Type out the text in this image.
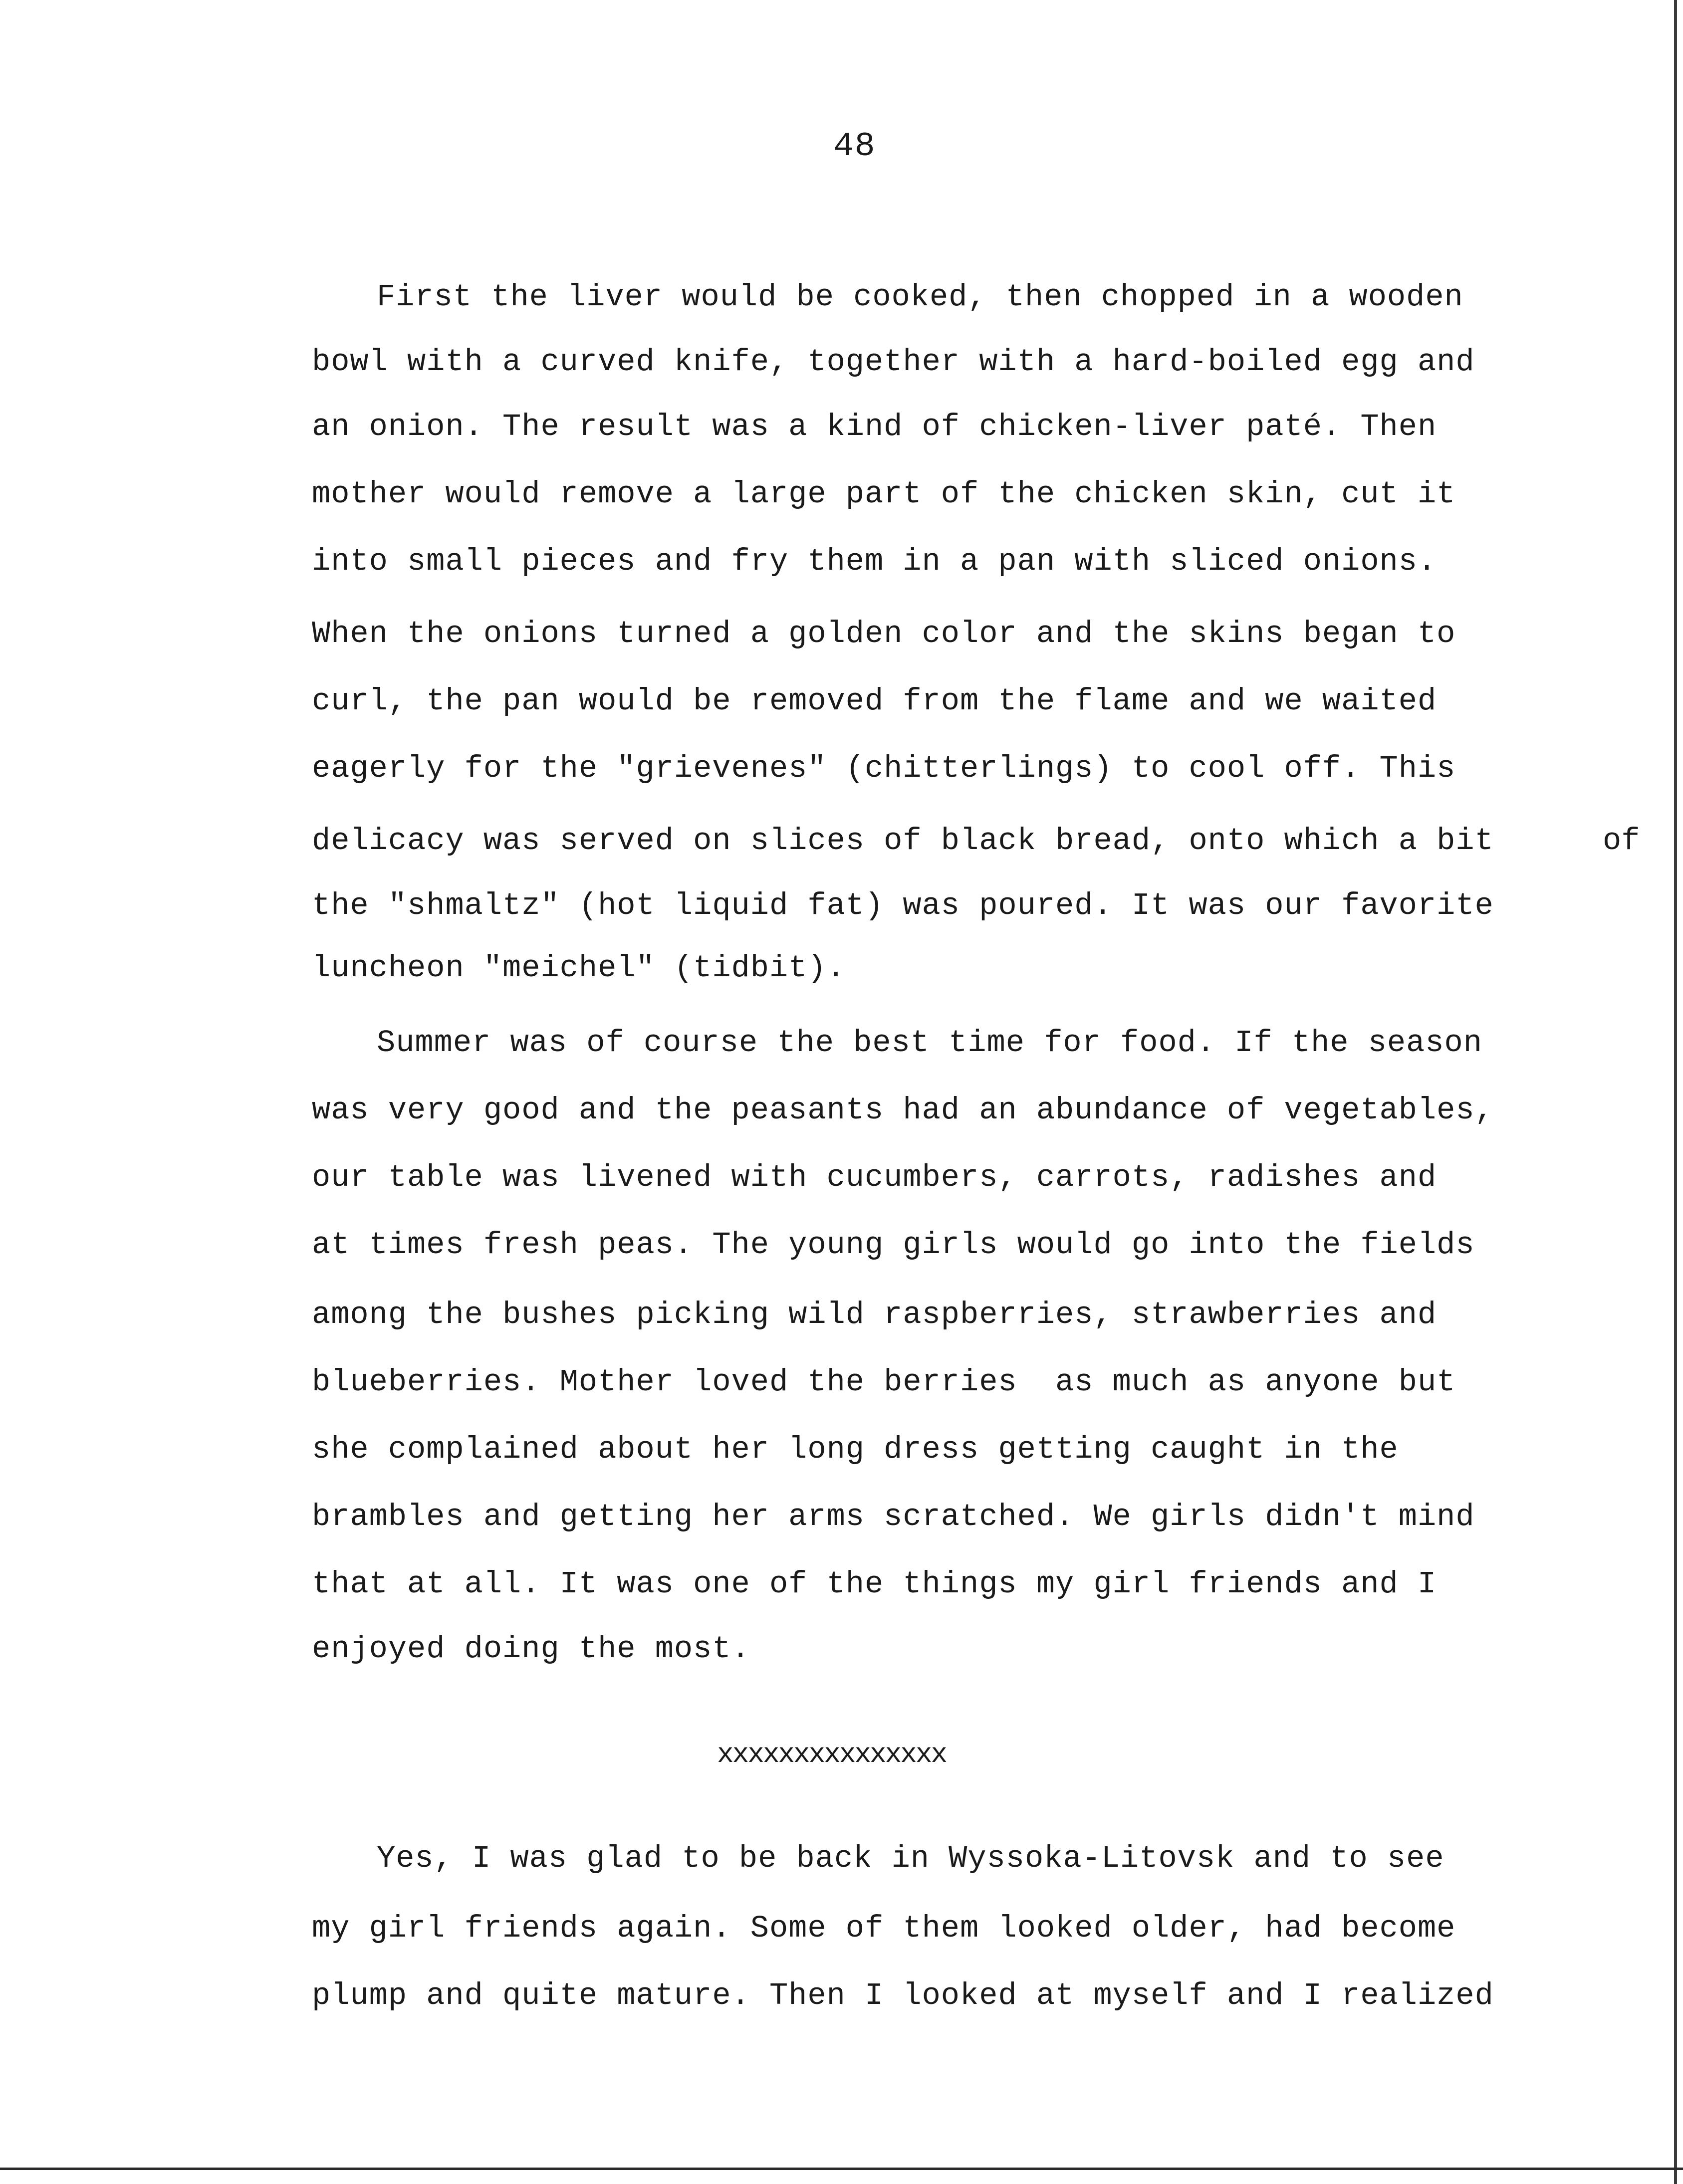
48
First the liver would be cooked, then chopped in a wooden
bowl with a curved knife, together with a hard-boiled egg and
an onion. The result was a kind of chicken-liver paté. Then
mother would remove a large part of the chicken skin, cut it
into small pieces and fry them in a pan with sliced onions.
When the onions turned a golden color and the skins began to
curl, the pan would be removed from the flame and we waited
eagerly for the "grievenes" (chitterlings) to cool off. This
delicacy was served on slices of black bread, onto which a bit	of
the "shmaltz" (hot liquid fat) was poured. It was our favorite
luncheon "meichel" (tidbit).
Summer was of course the best time for food. If the season
was very good and the peasants had an abundance of vegetables,
our table was livened with cucumbers, carrots, radishes and
at times fresh peas. The young girls would go into the fields
among the bushes picking wild raspberries, strawberries and
blueberries. Mother loved the berries  as much as anyone but
she complained about her long dress getting caught in the
brambles and getting her arms scratched. We girls didn't mind
that at all. It was one of the things my girl friends and I
enjoyed doing the most.
xxxxxxxxxxxxxxx
Yes, I was glad to be back in Wyssoka-Litovsk and to see
my girl friends again. Some of them looked older, had become
plump and quite mature. Then I looked at myself and I realized
